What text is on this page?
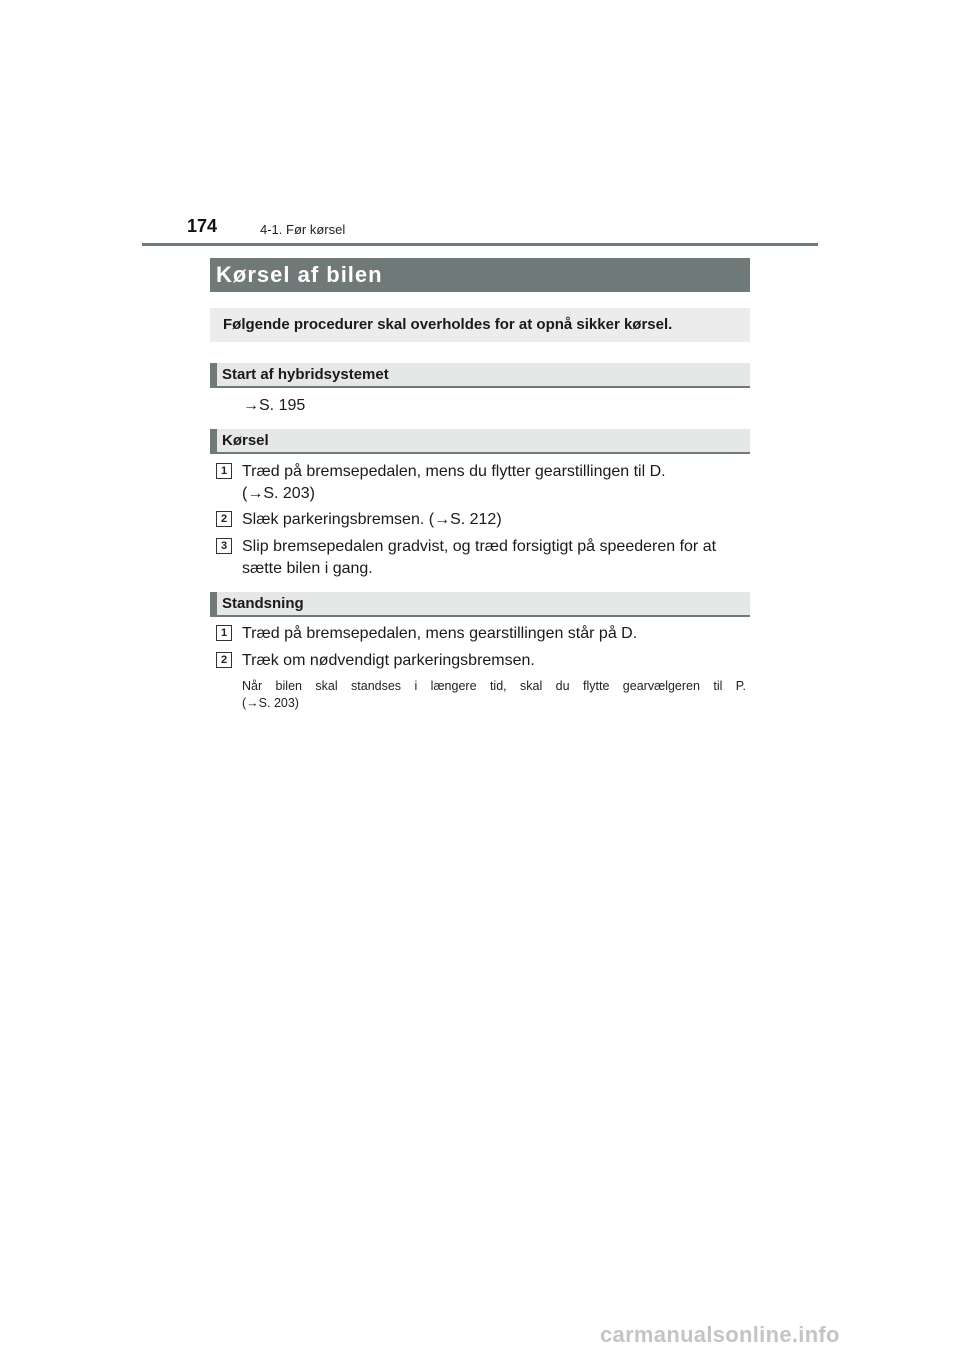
174	4-1. Før kørsel
Kørsel af bilen
Følgende procedurer skal overholdes for at opnå sikker kørsel.
Start af hybridsystemet
→S. 195
Kørsel
1 Træd på bremsepedalen, mens du flytter gearstillingen til D.
(→S. 203)
2 Slæk parkeringsbremsen. (→S. 212)
3 Slip bremsepedalen gradvist, og træd forsigtigt på speederen for at
sætte bilen i gang.
Standsning
1 Træd på bremsepedalen, mens gearstillingen står på D.
2 Træk om nødvendigt parkeringsbremsen.
Når bilen skal standses i længere tid, skal du flytte gearvælgeren til P.
(→S. 203)
carmanualsonline.info
